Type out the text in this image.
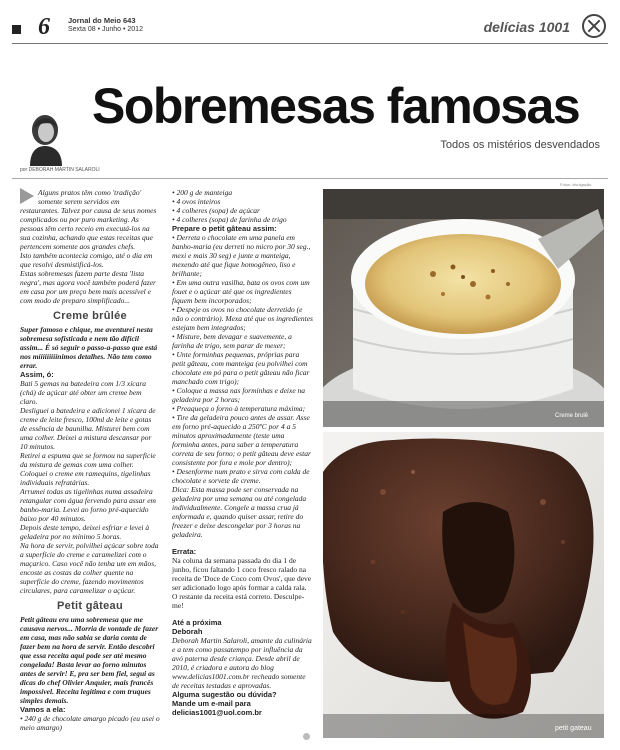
6 Jornal do Meio 643
Sexta 08 • Junho • 2012	delícias 1001
Sobremesas famosas
Todos os mistérios desvendados
por DEBORAH MARTIN SALAROLI

Alguns pratos têm como 'tradição' somente serem servidos em restaurantes. Talvez por causa de seus nomes complicados ou por puro marketing. As pessoas têm certo receio em executá-los na sua cozinha, achando que estas receitas que pertencem somente aos grandes chefs.

Isto também acontecia comigo, até o dia em que resolvi desmistificá-los.

Estas sobremesas fazem parte desta 'lista negra', mas agora você também poderá fazer em casa por um preço bem mais acessível e com modo de preparo simplificado...

Creme brûlée

Super famoso e chique, me aventurei nesta sobremesa sofisticada e nem tão difícil assim... É só seguir o passo-a-passo que está nos mííííííííínimos detalhes. Não tem como errar.

Assim, ó:

Bati 5 gemas na batedeira com 1/3 xícara (chá) de açúcar até obter um creme bem claro.

Desliguei a batedeira e adicionei 1 xícara de creme de leite fresco, 100ml de leite e gotas de essência de baunilha. Misturei bem com uma colher. Deixei a mistura descansar por 10 minutos.

Retirei a espuma que se formou na superfície da mistura de gemas com uma colher. Coloquei o creme em ramequins, tigelinhas individuais refratárias.

Arrumei todas as tigelinhas numa assadeira retangular com água fervendo para assar em banho-maria. Levei ao forno pré-aquecido baixo por 40 minutos.

Depois deste tempo, deixei esfriar e levei à geladeira por no mínimo 5 horas.

Na hora de servir, polvilhei açúcar sobre toda a superfície do creme e caramelizei com o maçarico. Caso você não tenha um em mãos, encoste as costas da colher quente na superfície do creme, fazendo movimentos circulares, para caramelizar o açúcar.

Petit gâteau

Petit gâteau era uma sobremesa que me causava nervos... Morria de vontade de fazer em casa, mas não sabia se daria conta de fazer bem na hora de servir. Então descobri que essa receita aqui pode ser até mesmo congelada! Basta levar ao forno minutos antes de servir! E, pra ser bem fiel, segui as dicas do chef Olivier Anquier, mais francês impossível. Receita legítima e com truques simples demais.

Vamos a ela:

• 240 g de chocolate amargo picado (eu usei o meio amargo)

• 200 g de manteiga

• 4 ovos inteiros

• 4 colheres (sopa) de açúcar

• 4 colheres (sopa) de farinha de trigo

Prepare o petit gâteau assim:

• Derreta o chocolate em uma panela em banho-maria (eu derreti no micro por 30 seg., mexi e mais 30 seg) e junte a manteiga, mexendo até que fique homogêneo, liso e brilhante;

• Em uma outra vasilha, bata os ovos com um fouet e o açúcar até que os ingredientes fiquem bem incorporados;

• Despeje os ovos no chocolate derretido (e não o contrário). Mexa até que os ingredientes estejam bem integrados;

• Misture, bem devagar e suavemente, a farinha de trigo, sem parar de mexer;

• Unte forminhas pequenas, próprias para petit gâteau, com manteiga (eu polvilhei com chocolate em pó para o petit gâteau não ficar manchado com trigo);

• Coloque a massa nas forminhas e deixe na geladeira por 2 horas;

• Preaqueça o forno à temperatura máxima;

• Tire da geladeira pouco antes de assar. Asse em forno pré-aquecido a 250ºC por 4 a 5 minutos aproximadamente (teste uma forminha antes, para saber a temperatura correta de seu forno; o petit gâteau deve estar consistente por fora e mole por dentro);

• Desenforme num prato e sirva com calda de chocolate e sorvete de creme.

Dica: Esta massa pode ser conservada na geladeira por uma semana ou até congelada individualmente. Congele a massa crua já enformada e, quando quiser assar, retire do freezer e deixe descongelar por 3 horas na geladeira.

Errata:

Na coluna da semana passada do dia 1 de junho, ficou faltando 1 coco fresco ralado na receita de 'Doce de Coco com Ovos', que deve ser adicionado logo após formar a calda rala. O restante da receita está correto. Desculpe-me!

Até a próxima

Deborah

Deborah Martin Salaroli, amante da culinária e a tem como passatempo por influência da avó paterna desde criança. Desde abril de 2010, é criadora e autora do blog www.delicias1001.com.br recheado somente de receitas testadas e aprovadas.

Alguma sugestão ou dúvida?

Mande um e-mail para

delicias1001@uol.com.br

Fotos: divulgação
Creme brulê
petit gateau
